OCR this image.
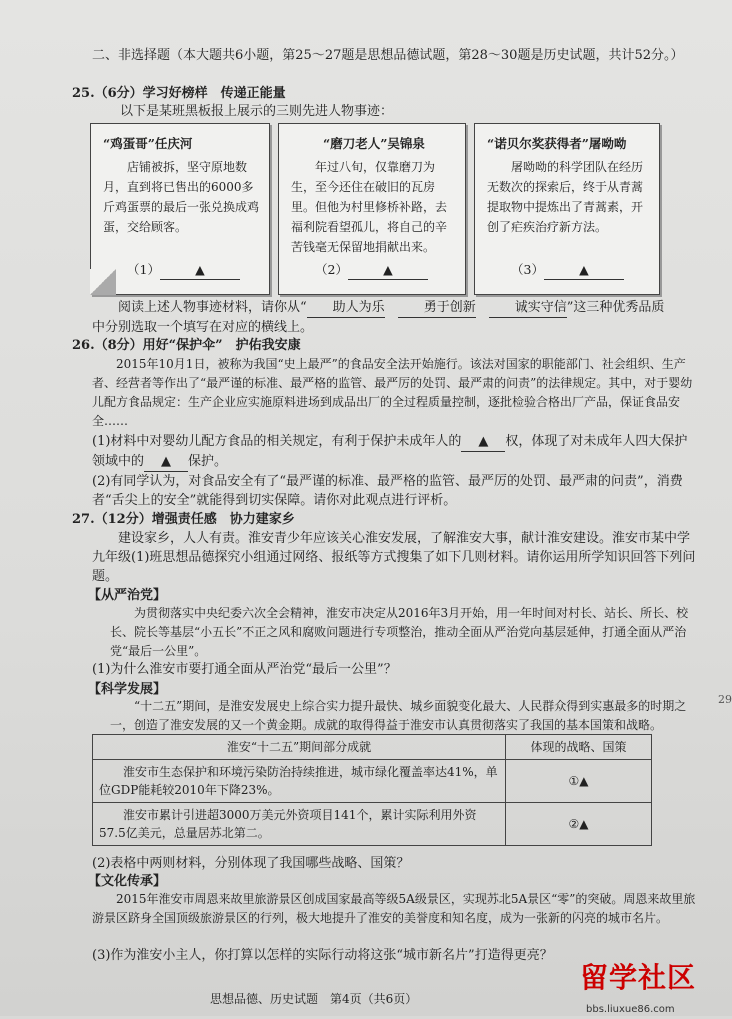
二、非选择题（本大题共6小题，第25～27题是思想品德试题，第28～30题是历史试题，共计52分。）
25.（6分）学习好榜样　传递正能量
以下是某班黑板报上展示的三则先进人物事迹：
“鸡蛋哥”任庆河
店铺被拆，坚守原地数月，直到将已售出的6000多斤鸡蛋票的最后一张兑换成鸡蛋，交给顾客。
（1）	▲
“磨刀老人”吴锦泉
年过八旬，仅靠磨刀为生，至今还住在破旧的瓦房里。但他为村里修桥补路，去福利院看望孤儿，将自己的辛苦钱毫无保留地捐献出来。
（2）	▲
“诺贝尔奖获得者”屠呦呦
屠呦呦的科学团队在经历无数次的探索后，终于从青蒿提取物中提炼出了青蒿素，开创了疟疾治疗新方法。
（3）	▲
阅读上述人物事迹材料，请你从“ 助人为乐　	勇于创新　	诚实守信”这三种优秀品质中分别选取一个填写在对应的横线上。
26.（8分）用好“保护伞”　护佑我安康
2015年10月1日，被称为我国“史上最严”的食品安全法开始施行。该法对国家的职能部门、社会组织、生产者、经营者等作出了“最严谨的标准、最严格的监管、最严厉的处罚、最严肃的问责”的法律规定。其中，对于婴幼儿配方食品规定：生产企业应实施原料进场到成品出厂的全过程质量控制，逐批检验合格出厂产品，保证食品安全……
(1)材料中对婴幼儿配方食品的相关规定，有利于保护未成年人的 ▲ 权，体现了对未成年人四大保护领域中的 ▲ 保护。
(2)有同学认为，对食品安全有了“最严谨的标准、最严格的监管、最严厉的处罚、最严肃的问责”，消费者“舌尖上的安全”就能得到切实保障。请你对此观点进行评析。
27.（12分）增强责任感　协力建家乡
建设家乡，人人有责。淮安青少年应该关心淮安发展，了解淮安大事，献计淮安建设。淮安市某中学九年级(1)班思想品德探究小组通过网络、报纸等方式搜集了如下几则材料。请你运用所学知识回答下列问题。
【从严治党】
为贯彻落实中央纪委六次全会精神，淮安市决定从2016年3月开始，用一年时间对村长、站长、所长、校长、院长等基层“小五长”不正之风和腐败问题进行专项整治，推动全面从严治党向基层延伸，打通全面从严治党“最后一公里”。
(1)为什么淮安市要打通全面从严治党“最后一公里”？
【科学发展】
“十二五”期间，是淮安发展史上综合实力提升最快、城乡面貌变化最大、人民群众得到实惠最多的时期之一，创造了淮安发展的又一个黄金期。成就的取得得益于淮安市认真贯彻落实了我国的基本国策和战略。
淮安“十二五”期间部分成就	体现的战略、国策
淮安市生态保护和环境污染防治持续推进，城市绿化覆盖率达41%，单位GDP能耗较2010年下降23%。	①▲
淮安市累计引进超3000万美元外资项目141个，累计实际利用外资57.5亿美元，总量居苏北第二。	②▲
(2)表格中两则材料，分别体现了我国哪些战略、国策？
【文化传承】
2015年淮安市周恩来故里旅游景区创成国家最高等级5A级景区，实现苏北5A景区“零”的突破。周恩来故里旅游景区跻身全国顶级旅游景区的行列，极大地提升了淮安的美誉度和知名度，成为一张新的闪亮的城市名片。
(3)作为淮安小主人，你打算以怎样的实际行动将这张“城市新名片”打造得更亮？
思想品德、历史试题　第4页（共6页）
29
留学社区
bbs.liuxue86.com
